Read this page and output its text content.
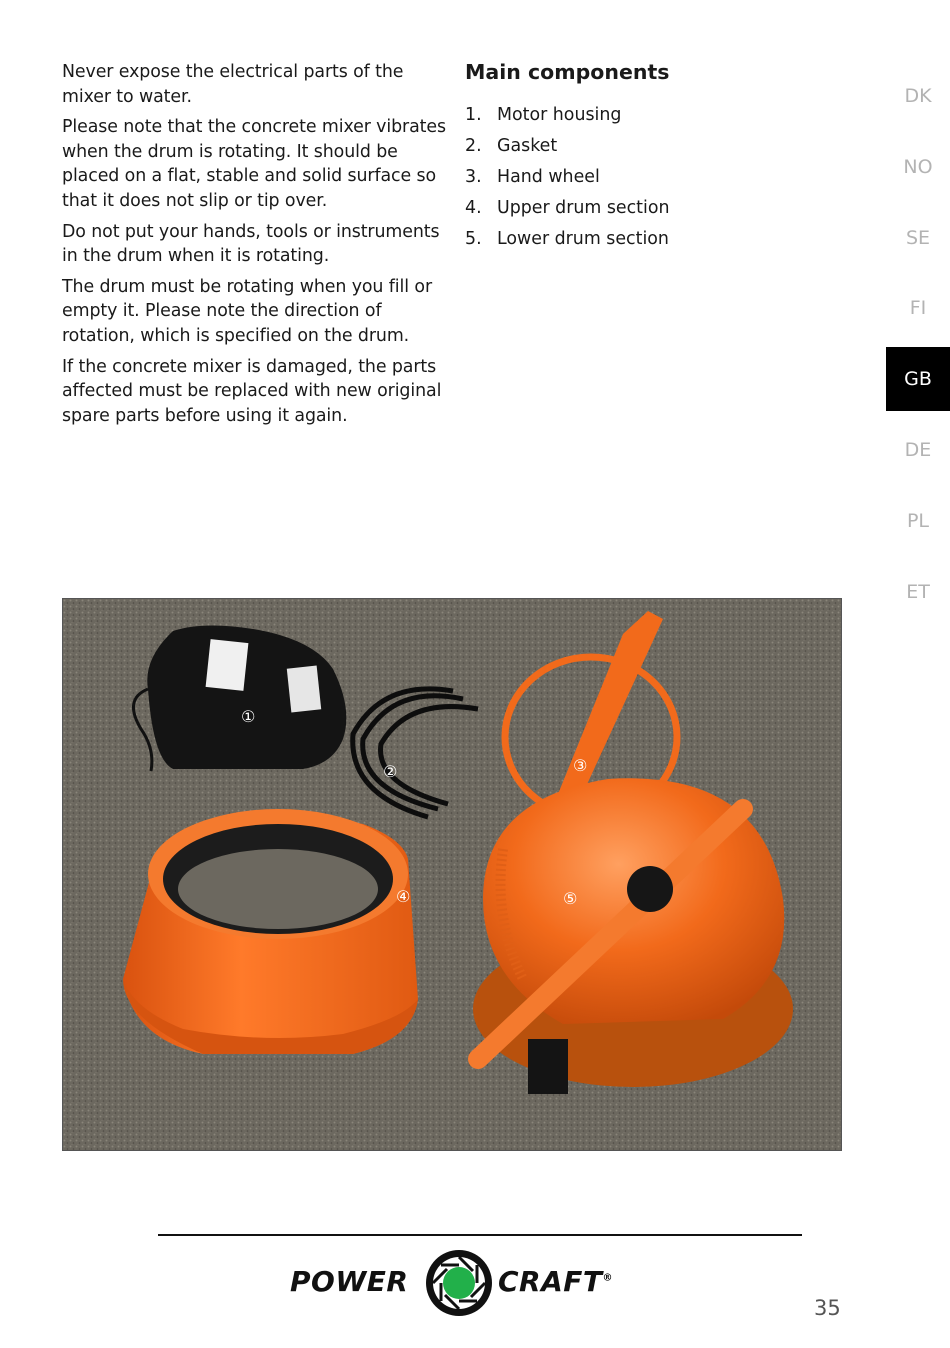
Never expose the electrical parts of the mixer to water.

Please note that the concrete mixer vibrates when the drum is rotating. It should be placed on a flat, stable and solid surface so that it does not slip or tip over.

Do not put your hands, tools or instruments in the drum when it is rotating.

The drum must be rotating when you fill or empty it. Please note the direction of rotation, which is specified on the drum.

If the concrete mixer is damaged, the parts affected must be replaced with new original spare parts before using it again.

Main components
1. Motor housing
2. Gasket
3. Hand wheel
4. Upper drum section
5. Lower drum section
DK
NO
SE
FI
GB
DE
PL
ET
①
②	③
④	⑤
POWER	CRAFT®
35
